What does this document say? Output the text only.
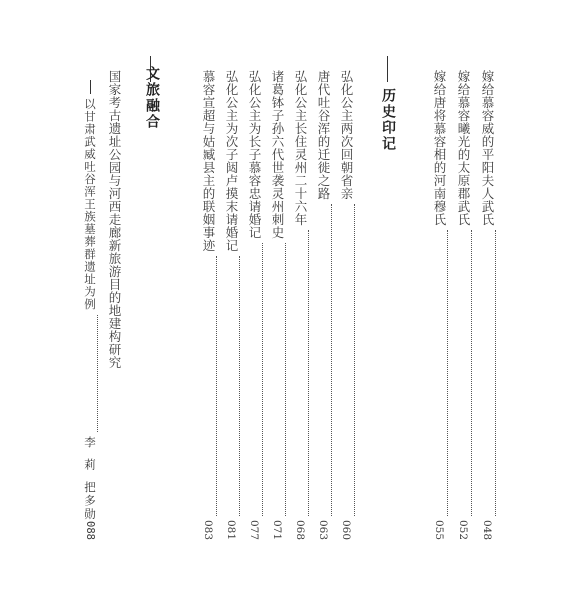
嫁给慕容威的平阳夫人武氏
048
嫁给慕容曦光的太原郡武氏
052
嫁给唐将慕容相的河南穆氏
055
历史印记
弘化公主两次回朝省亲
060
唐代吐谷浑的迁徙之路
063
弘化公主长住灵州二十六年
068
诸葛钵子孙六代世袭灵州刺史
071
弘化公主为长子慕容忠请婚记
077
弘化公主为次子闼卢摸末请婚记
081
慕容宣超与姑臧县主的联姻事迹
083
文旅融合
国家考古遗址公园与河西走廊新旅游目的地建构研究
以甘肃武威吐谷浑王族墓葬群遗址为例
李 莉 把多勋
088
